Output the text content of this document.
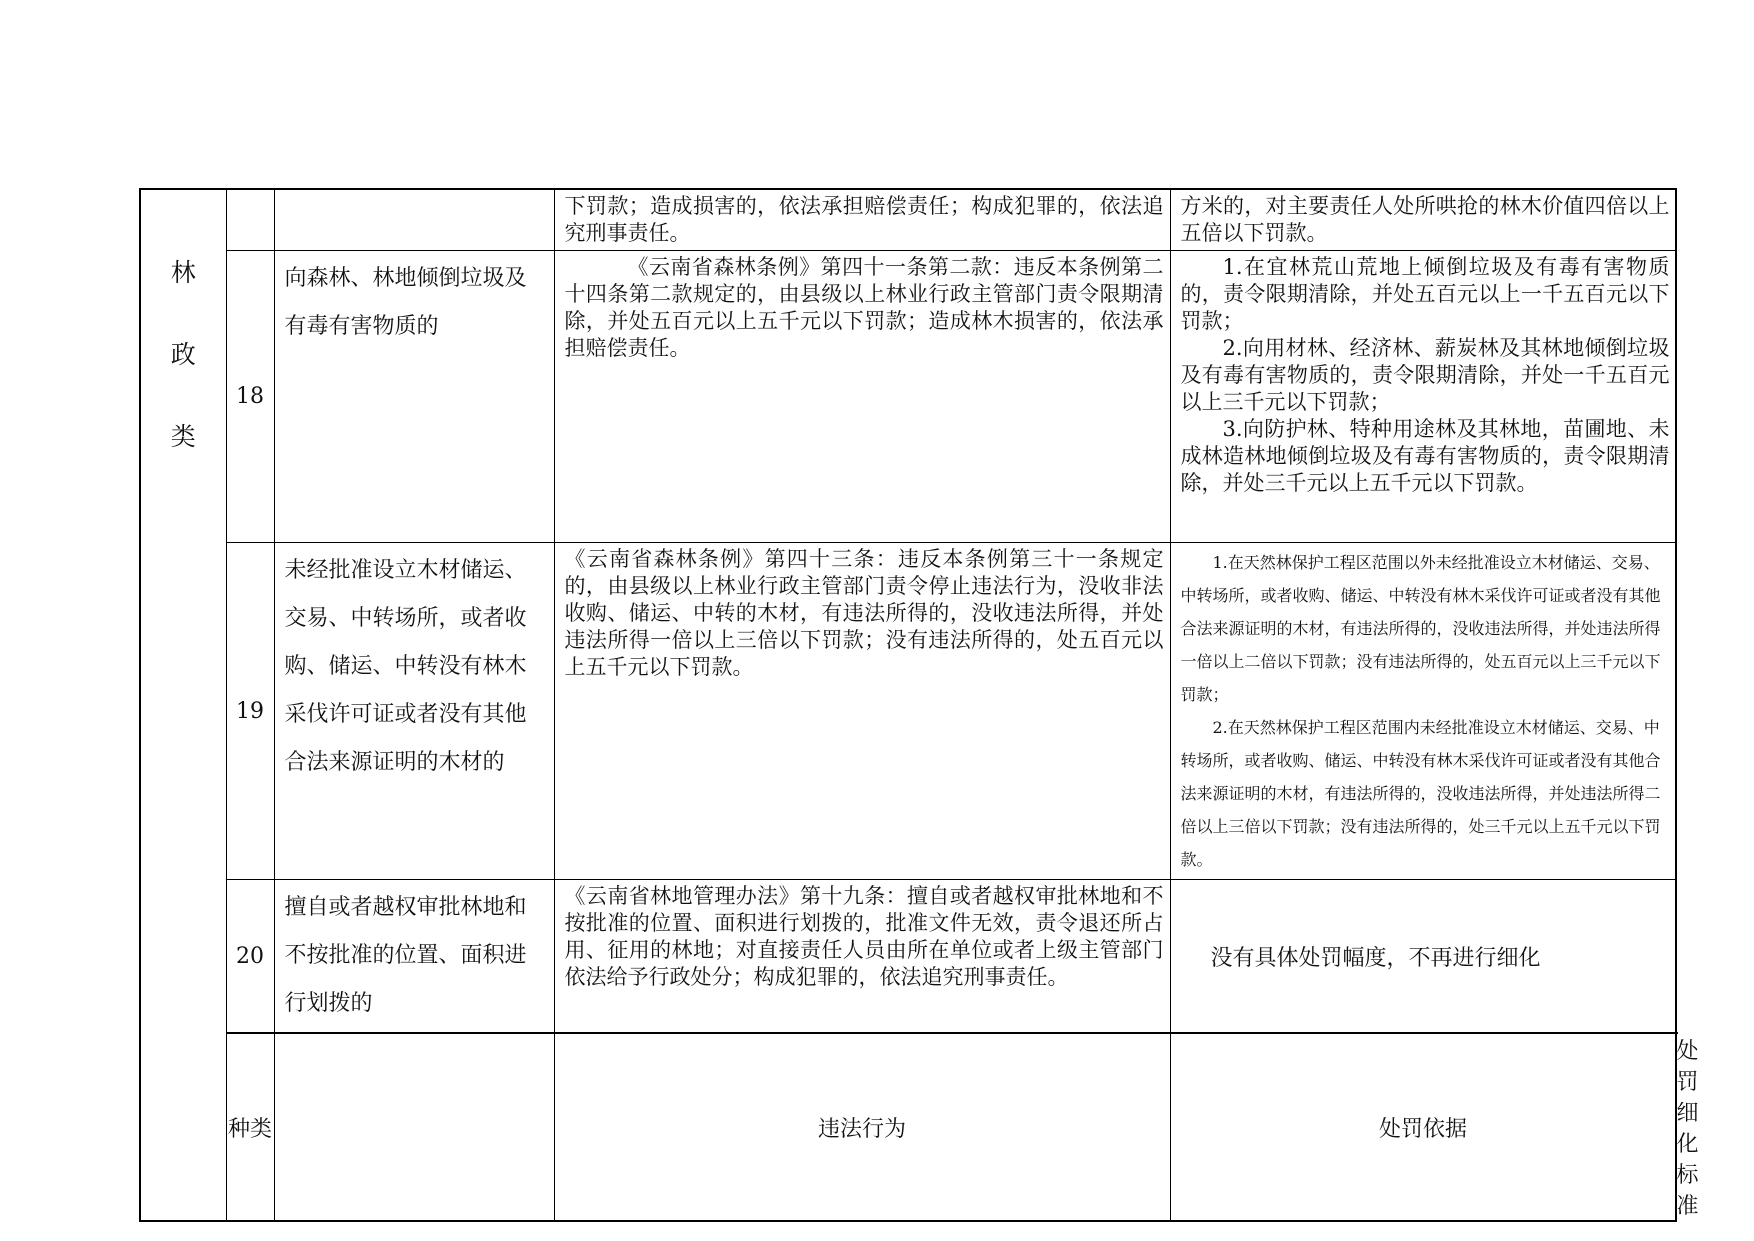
林
政
类			下罚款；造成损害的，依法承担赔偿责任；构成犯罪的，依法追究刑事责任。	方米的，对主要责任人处所哄抢的林木价值四倍以上五倍以下罚款。	

	18	向森林、林地倾倒垃圾及有毒有害物质的	《云南省森林条例》第四十一条第二款：违反本条例第二十四条第二款规定的，由县级以上林业行政主管部门责令限期清除，并处五百元以上五千元以下罚款；造成林木损害的，依法承担赔偿责任。	1.在宜林荒山荒地上倾倒垃圾及有毒有害物质的，责令限期清除，并处五百元以上一千五百元以下罚款；

2.向用材林、经济林、薪炭林及其林地倾倒垃圾及有毒有害物质的，责令限期清除，并处一千五百元以上三千元以下罚款；

3.向防护林、特种用途林及其林地，苗圃地、未成林造林地倾倒垃圾及有毒有害物质的，责令限期清除，并处三千元以上五千元以下罚款。	

	19	未经批准设立木材储运、交易、中转场所，或者收购、储运、中转没有林木采伐许可证或者没有其他合法来源证明的木材的	《云南省森林条例》第四十三条：违反本条例第三十一条规定的，由县级以上林业行政主管部门责令停止违法行为，没收非法收购、储运、中转的木材，有违法所得的，没收违法所得，并处违法所得一倍以上三倍以下罚款；没有违法所得的，处五百元以上五千元以下罚款。	1.在天然林保护工程区范围以外未经批准设立木材储运、交易、中转场所，或者收购、储运、中转没有林木采伐许可证或者没有其他合法来源证明的木材，有违法所得的，没收违法所得，并处违法所得一倍以上二倍以下罚款；没有违法所得的，处五百元以上三千元以下罚款；

2.在天然林保护工程区范围内未经批准设立木材储运、交易、中转场所，或者收购、储运、中转没有林木采伐许可证或者没有其他合法来源证明的木材，有违法所得的，没收违法所得，并处违法所得二倍以上三倍以下罚款；没有违法所得的，处三千元以上五千元以下罚款。	

	20	擅自或者越权审批林地和不按批准的位置、面积进行划拨的	《云南省林地管理办法》第十九条：擅自或者越权审批林地和不按批准的位置、面积进行划拨的，批准文件无效，责令退还所占用、征用的林地；对直接责任人员由所在单位或者上级主管部门依法给予行政处分；构成犯罪的，依法追究刑事责任。	没有具体处罚幅度，不再进行细化	

	种类		违法行为	处罚依据	处罚细化标准
